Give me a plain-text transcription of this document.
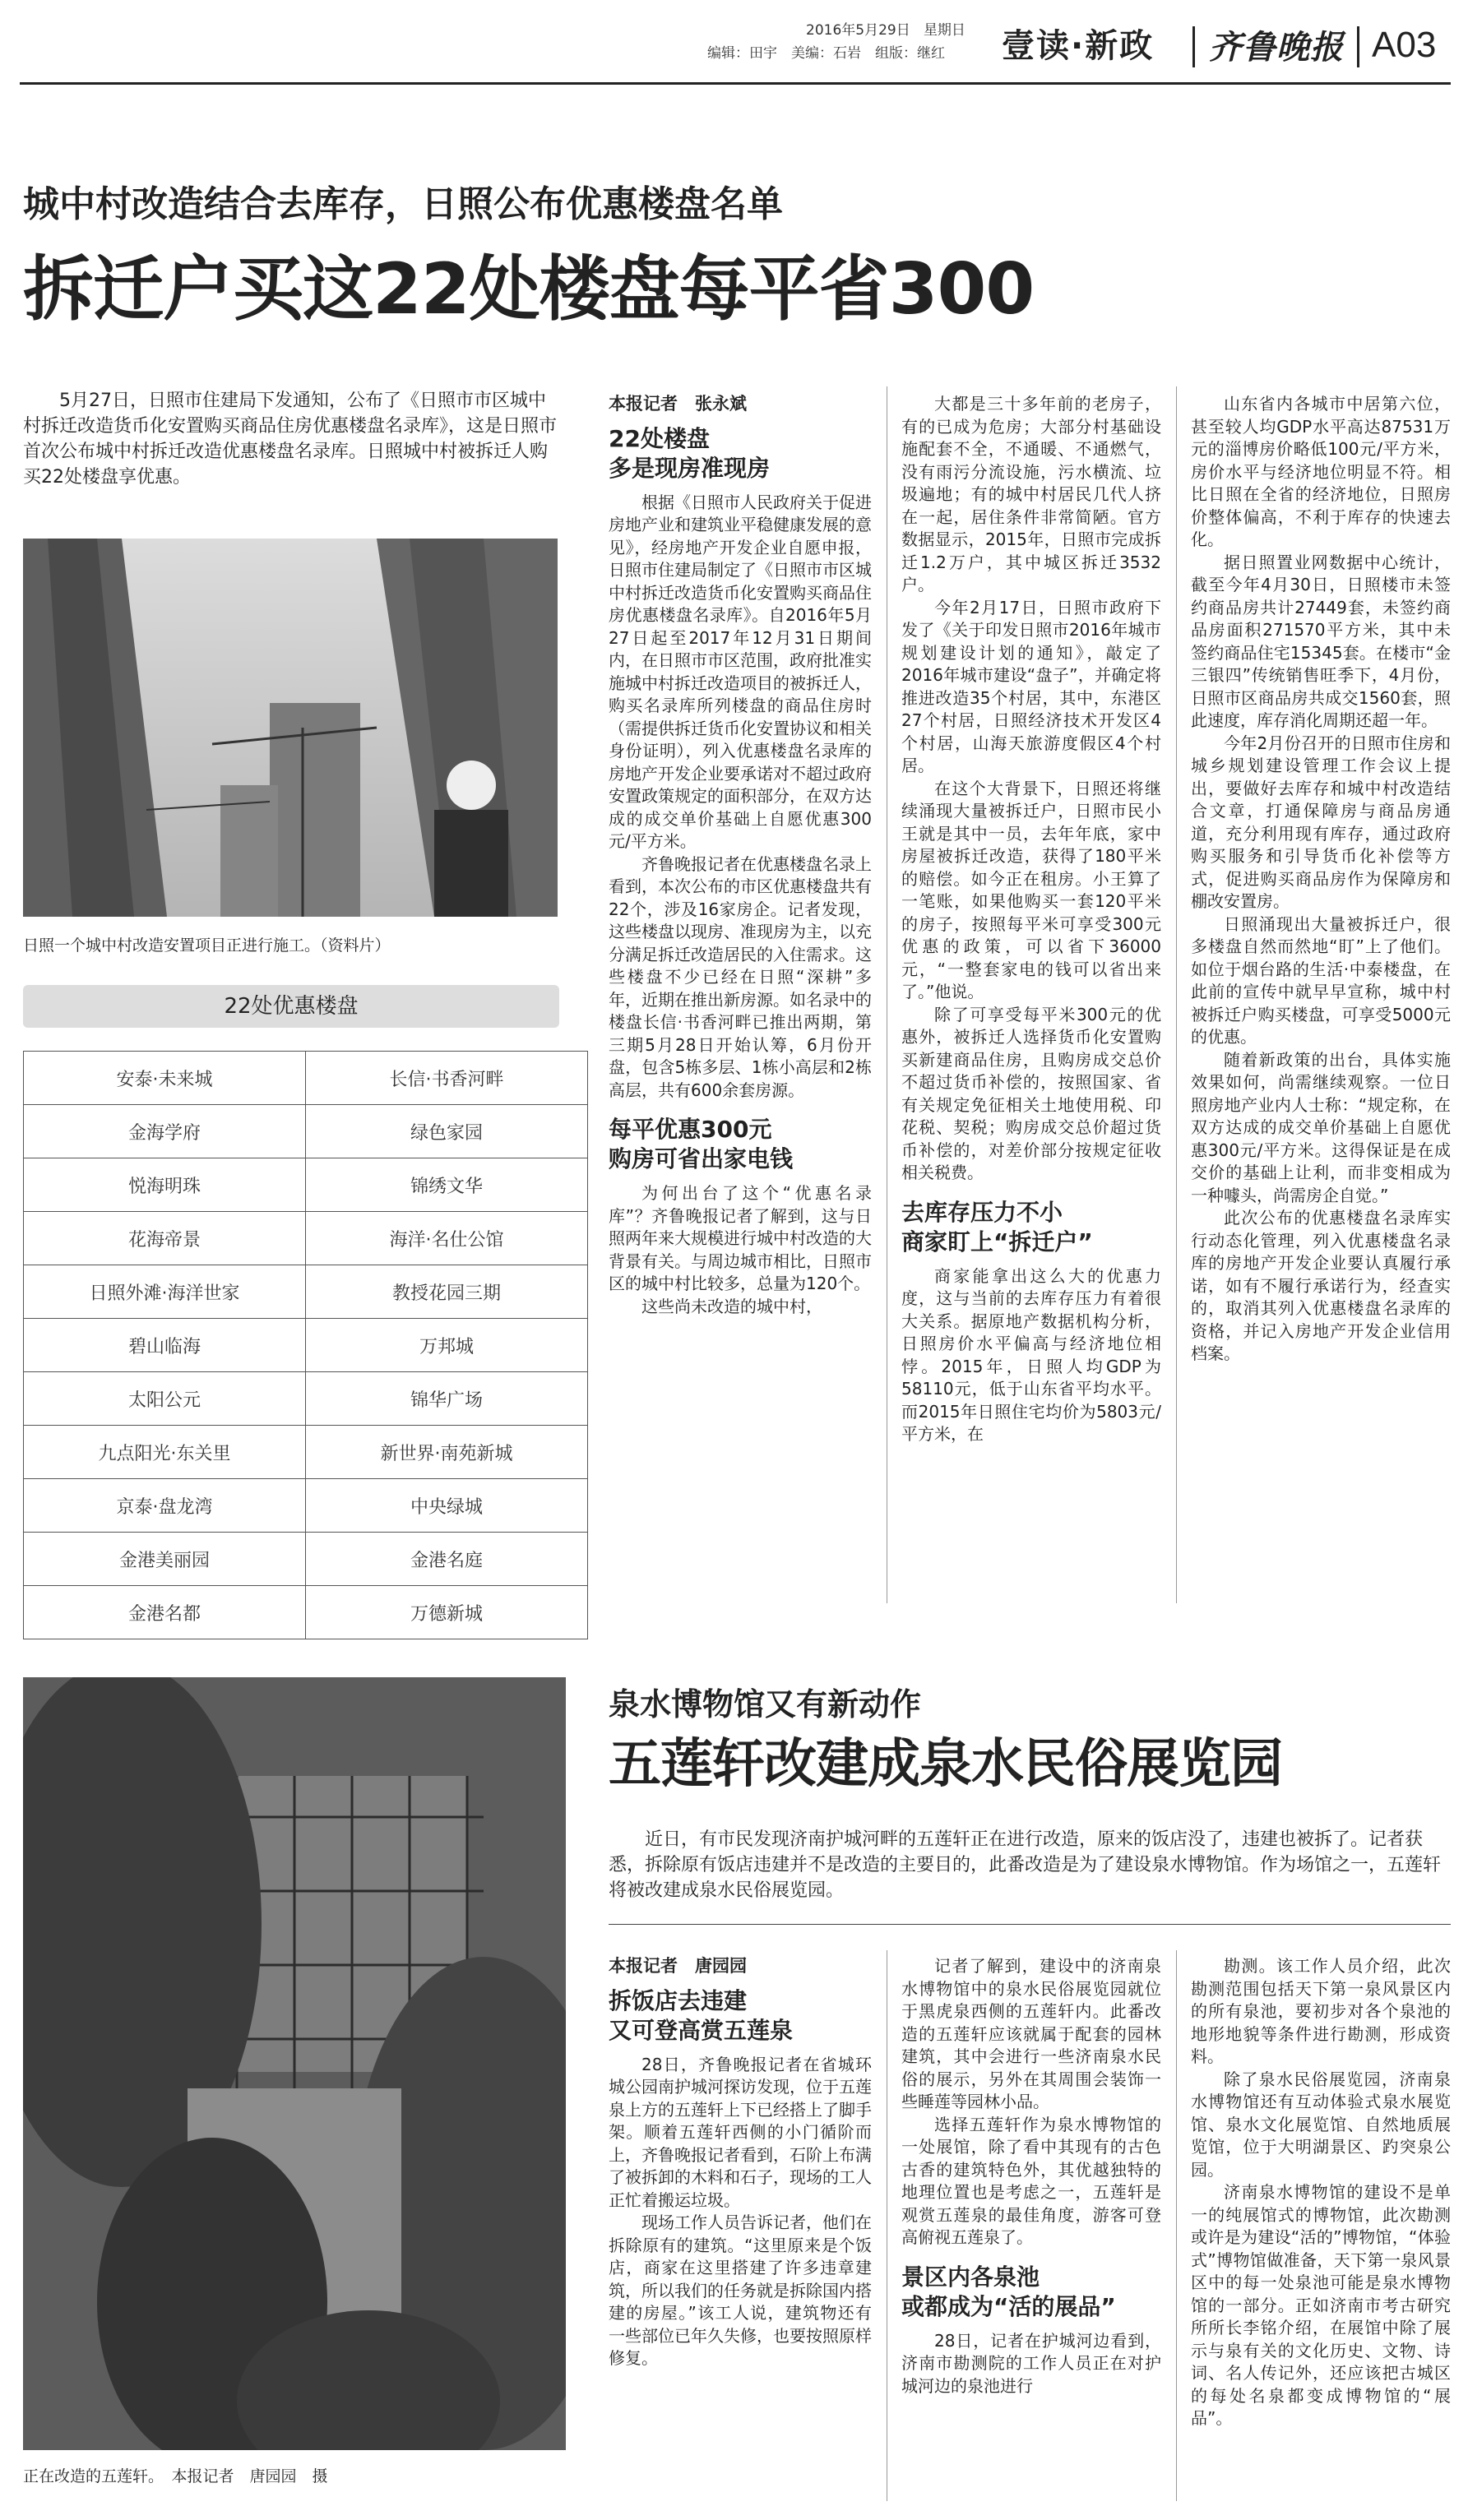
2016年5月29日 星期日
编辑：田宇　美编：石岩　组版：继红 壹读·新政 齐鲁晚报 A03
城中村改造结合去库存，日照公布优惠楼盘名单
拆迁户买这22处楼盘每平省300
5月27日，日照市住建局下发通知，公布了《日照市市区城中村拆迁改造货币化安置购买商品住房优惠楼盘名录库》，这是日照市首次公布城中村拆迁改造优惠楼盘名录库。日照城中村被拆迁人购买22处楼盘享优惠。
日照一个城中村改造安置项目正进行施工。（资料片）
22处优惠楼盘
安泰·未来城	长信·书香河畔
金海学府	绿色家园
悦海明珠	锦绣文华
花海帝景	海洋·名仕公馆
日照外滩·海洋世家	教授花园三期
碧山临海	万邦城
太阳公元	锦华广场
九点阳光·东关里	新世界·南苑新城
京泰·盘龙湾	中央绿城
金港美丽园	金港名庭
金港名都	万德新城
本报记者　张永斌
22处楼盘
多是现房准现房

根据《日照市人民政府关于促进房地产业和建筑业平稳健康发展的意见》，经房地产开发企业自愿申报，日照市住建局制定了《日照市市区城中村拆迁改造货币化安置购买商品住房优惠楼盘名录库》。自2016年5月27日起至2017年12月31日期间内，在日照市市区范围，政府批准实施城中村拆迁改造项目的被拆迁人，购买名录库所列楼盘的商品住房时（需提供拆迁货币化安置协议和相关身份证明），列入优惠楼盘名录库的房地产开发企业要承诺对不超过政府安置政策规定的面积部分，在双方达成的成交单价基础上自愿优惠300元/平方米。

齐鲁晚报记者在优惠楼盘名录上看到，本次公布的市区优惠楼盘共有22个，涉及16家房企。记者发现，这些楼盘以现房、准现房为主，以充分满足拆迁改造居民的入住需求。这些楼盘不少已经在日照“深耕”多年，近期在推出新房源。如名录中的楼盘长信·书香河畔已推出两期，第三期5月28日开始认筹，6月份开盘，包含5栋多层、1栋小高层和2栋高层，共有600余套房源。

每平优惠300元
购房可省出家电钱

为何出台了这个“优惠名录库”？齐鲁晚报记者了解到，这与日照两年来大规模进行城中村改造的大背景有关。与周边城市相比，日照市区的城中村比较多，总量为120个。

这些尚未改造的城中村，

大都是三十多年前的老房子，有的已成为危房；大部分村基础设施配套不全，不通暖、不通燃气，没有雨污分流设施，污水横流、垃圾遍地；有的城中村居民几代人挤在一起，居住条件非常简陋。官方数据显示，2015年，日照市完成拆迁1.2万户，其中城区拆迁3532户。

今年2月17日，日照市政府下发了《关于印发日照市2016年城市规划建设计划的通知》，敲定了2016年城市建设“盘子”，并确定将推进改造35个村居，其中，东港区27个村居，日照经济技术开发区4个村居，山海天旅游度假区4个村居。

在这个大背景下，日照还将继续涌现大量被拆迁户，日照市民小王就是其中一员，去年年底，家中房屋被拆迁改造，获得了180平米的赔偿。如今正在租房。小王算了一笔账，如果他购买一套120平米的房子，按照每平米可享受300元优惠的政策，可以省下36000元，“一整套家电的钱可以省出来了。”他说。

除了可享受每平米300元的优惠外，被拆迁人选择货币化安置购买新建商品住房，且购房成交总价不超过货币补偿的，按照国家、省有关规定免征相关土地使用税、印花税、契税；购房成交总价超过货币补偿的，对差价部分按规定征收相关税费。

去库存压力不小
商家盯上“拆迁户”

商家能拿出这么大的优惠力度，这与当前的去库存压力有着很大关系。据原地产数据机构分析，日照房价水平偏高与经济地位相悖。2015年，日照人均GDP为58110元，低于山东省平均水平。而2015年日照住宅均价为5803元/平方米，在

山东省内各城市中居第六位，甚至较人均GDP水平高达87531万元的淄博房价略低100元/平方米，房价水平与经济地位明显不符。相比日照在全省的经济地位，日照房价整体偏高，不利于库存的快速去化。

据日照置业网数据中心统计，截至今年4月30日，日照楼市未签约商品房共计27449套，未签约商品房面积271570平方米，其中未签约商品住宅15345套。在楼市“金三银四”传统销售旺季下，4月份，日照市区商品房共成交1560套，照此速度，库存消化周期还超一年。

今年2月份召开的日照市住房和城乡规划建设管理工作会议上提出，要做好去库存和城中村改造结合文章，打通保障房与商品房通道，充分利用现有库存，通过政府购买服务和引导货币化补偿等方式，促进购买商品房作为保障房和棚改安置房。

日照涌现出大量被拆迁户，很多楼盘自然而然地“盯”上了他们。如位于烟台路的生活·中泰楼盘，在此前的宣传中就早早宣称，城中村被拆迁户购买楼盘，可享受5000元的优惠。

随着新政策的出台，具体实施效果如何，尚需继续观察。一位日照房地产业内人士称：“规定称，在双方达成的成交单价基础上自愿优惠300元/平方米。这得保证是在成交价的基础上让利，而非变相成为一种噱头，尚需房企自觉。”

此次公布的优惠楼盘名录库实行动态化管理，列入优惠楼盘名录库的房地产开发企业要认真履行承诺，如有不履行承诺行为，经查实的，取消其列入优惠楼盘名录库的资格，并记入房地产开发企业信用档案。

正在改造的五莲轩。　本报记者　唐园园　摄
泉水博物馆又有新动作
五莲轩改建成泉水民俗展览园
近日，有市民发现济南护城河畔的五莲轩正在进行改造，原来的饭店没了，违建也被拆了。记者获悉，拆除原有饭店违建并不是改造的主要目的，此番改造是为了建设泉水博物馆。作为场馆之一，五莲轩将被改建成泉水民俗展览园。
本报记者　唐园园
拆饭店去违建
又可登高赏五莲泉

28日，齐鲁晚报记者在省城环城公园南护城河探访发现，位于五莲泉上方的五莲轩上下已经搭上了脚手架。顺着五莲轩西侧的小门循阶而上，齐鲁晚报记者看到，石阶上布满了被拆卸的木料和石子，现场的工人正忙着搬运垃圾。

现场工作人员告诉记者，他们在拆除原有的建筑。“这里原来是个饭店，商家在这里搭建了许多违章建筑，所以我们的任务就是拆除国内搭建的房屋。”该工人说，建筑物还有一些部位已年久失修，也要按照原样修复。

记者了解到，建设中的济南泉水博物馆中的泉水民俗展览园就位于黑虎泉西侧的五莲轩内。此番改造的五莲轩应该就属于配套的园林建筑，其中会进行一些济南泉水民俗的展示，另外在其周围会装饰一些睡莲等园林小品。

选择五莲轩作为泉水博物馆的一处展馆，除了看中其现有的古色古香的建筑特色外，其优越独特的地理位置也是考虑之一，五莲轩是观赏五莲泉的最佳角度，游客可登高俯视五莲泉了。

景区内各泉池
或都成为“活的展品”

28日，记者在护城河边看到，济南市勘测院的工作人员正在对护城河边的泉池进行

勘测。该工作人员介绍，此次勘测范围包括天下第一泉风景区内的所有泉池，要初步对各个泉池的地形地貌等条件进行勘测，形成资料。

除了泉水民俗展览园，济南泉水博物馆还有互动体验式泉水展览馆、泉水文化展览馆、自然地质展览馆，位于大明湖景区、趵突泉公园。

济南泉水博物馆的建设不是单一的纯展馆式的博物馆，此次勘测或许是为建设“活的”博物馆，“体验式”博物馆做准备，天下第一泉风景区中的每一处泉池可能是泉水博物馆的一部分。正如济南市考古研究所所长李铭介绍，在展馆中除了展示与泉有关的文化历史、文物、诗词、名人传记外，还应该把古城区的每处名泉都变成博物馆的“展品”。
